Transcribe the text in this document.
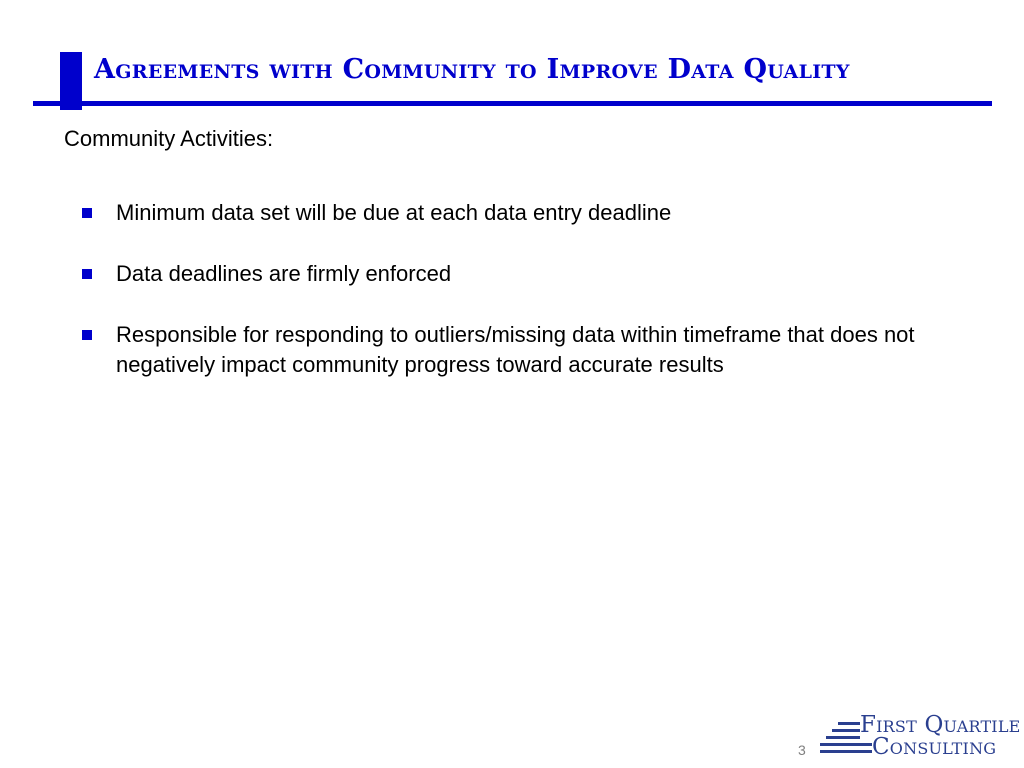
Agreements with Community to Improve Data Quality
Community Activities:
Minimum data set will be due at each data entry deadline
Data deadlines are firmly enforced
Responsible for responding to outliers/missing data within timeframe that does not negatively impact community progress toward accurate results
3
First Quartile
Consulting
